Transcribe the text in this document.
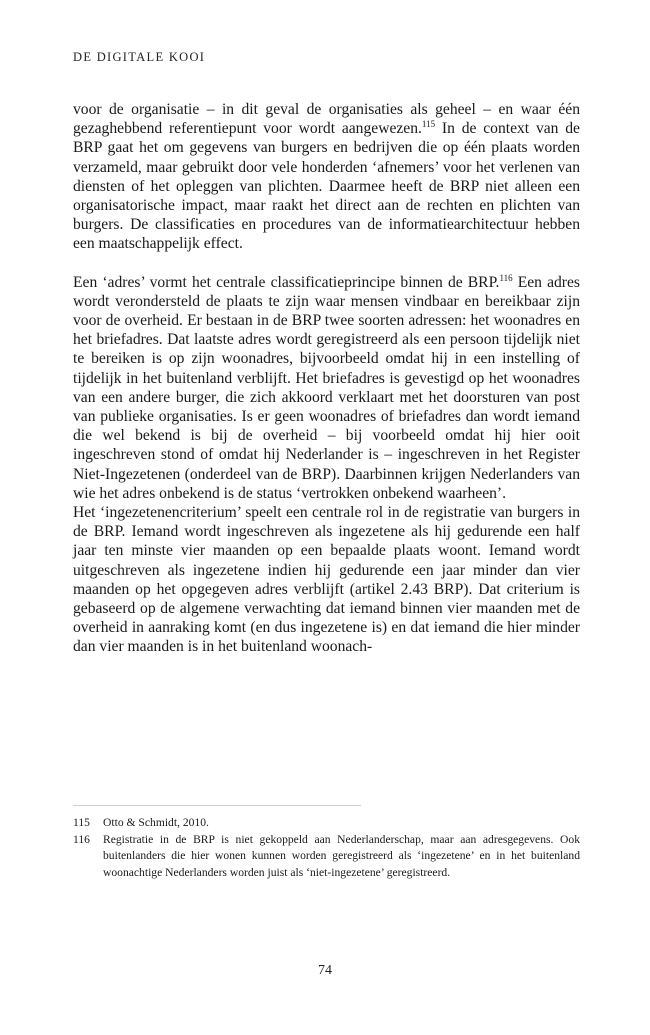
DE DIGITALE KOOI

voor de organisatie – in dit geval de organisaties als geheel – en waar één gezaghebbend referentiepunt voor wordt aangewezen.$^{115}$ In de context van de BRP gaat het om gegevens van burgers en bedrijven die op één plaats worden verzameld, maar gebruikt door vele honderden ‘afnemers’ voor het verlenen van diensten of het opleggen van plichten. Daarmee heeft de BRP niet alleen een organisatorische impact, maar raakt het direct aan de rechten en plichten van burgers. De classificaties en procedures van de informatiearchitectuur hebben een maatschappelijk effect.

Een ‘adres’ vormt het centrale classificatieprincipe binnen de BRP.$^{116}$ Een adres wordt verondersteld de plaats te zijn waar mensen vindbaar en bereikbaar zijn voor de overheid. Er bestaan in de BRP twee soorten adressen: het woonadres en het briefadres. Dat laatste adres wordt geregistreerd als een persoon tijdelijk niet te bereiken is op zijn woonadres, bijvoorbeeld omdat hij in een instelling of tijdelijk in het buitenland verblijft. Het briefadres is gevestigd op het woonadres van een andere burger, die zich akkoord verklaart met het doorsturen van post van publieke organisaties. Is er geen woonadres of briefadres dan wordt iemand die wel bekend is bij de overheid – bij voorbeeld omdat hij hier ooit ingeschreven stond of omdat hij Nederlander is – ingeschreven in het Register Niet-Ingezetenen (onderdeel van de BRP). Daarbinnen krijgen Nederlanders van wie het adres onbekend is de status ‘vertrokken onbekend waarheen’.

Het ‘ingezetenencriterium’ speelt een centrale rol in de registratie van burgers in de BRP. Iemand wordt ingeschreven als ingezetene als hij gedurende een half jaar ten minste vier maanden op een bepaalde plaats woont. Iemand wordt uitgeschreven als ingezetene indien hij gedurende een jaar minder dan vier maanden op het opgegeven adres verblijft (artikel 2.43 BRP). Dat criterium is gebaseerd op de algemene verwachting dat iemand binnen vier maanden met de overheid in aanraking komt (en dus ingezetene is) en dat iemand die hier minder dan vier maanden is in het buitenland woonach-

115	Otto & Schmidt, 2010.
116	Registratie in de BRP is niet gekoppeld aan Nederlanderschap, maar aan adresgegevens. Ook buitenlanders die hier wonen kunnen worden geregistreerd als ‘ingezetene’ en in het buitenland woonachtige Nederlanders worden juist als ‘niet-ingezetene’ geregistreerd.
74
